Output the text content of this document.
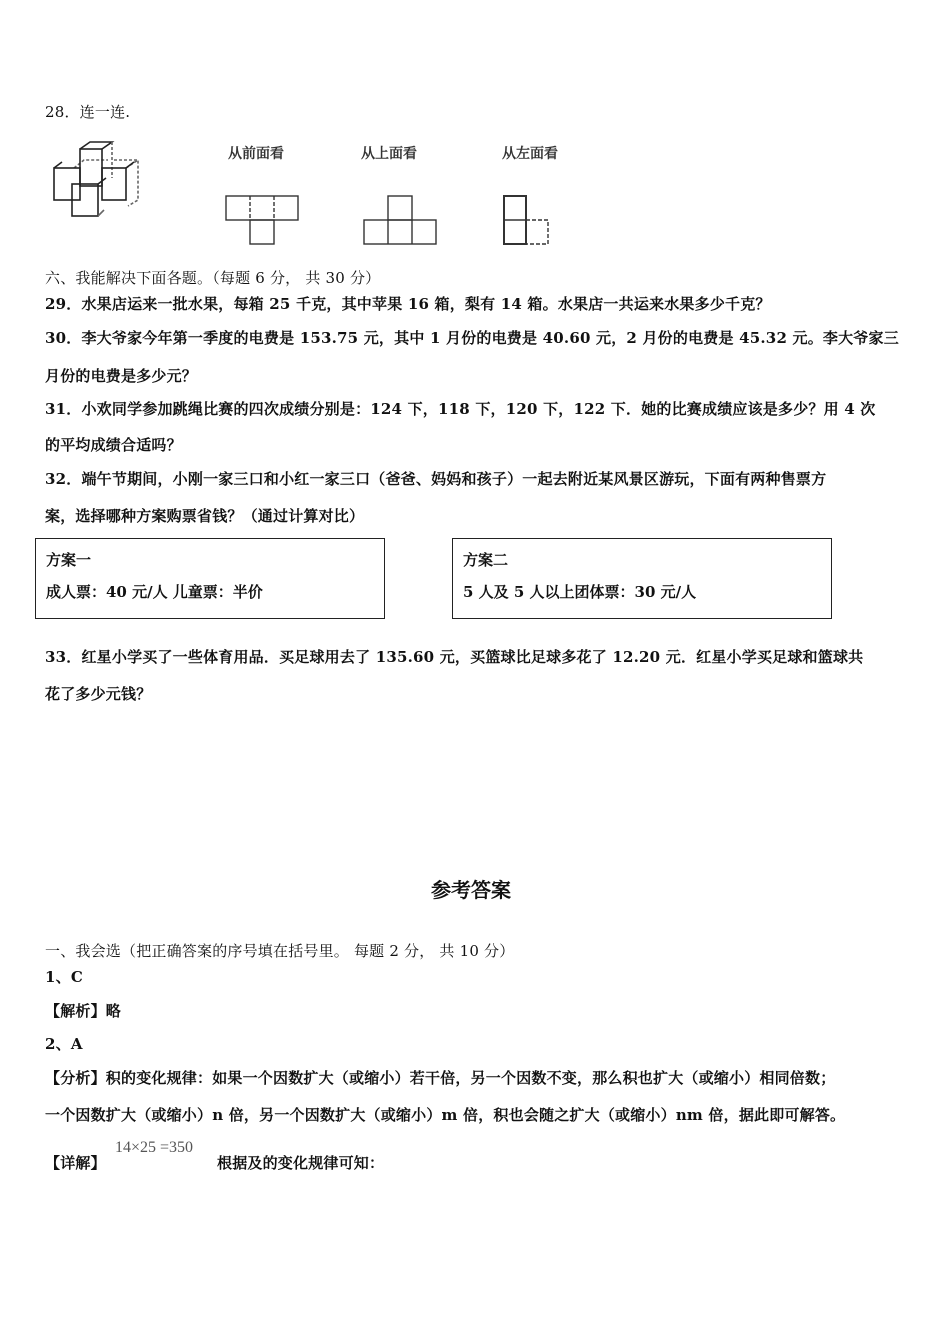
28．连一连.
从前面看	从上面看	从左面看
六、我能解决下面各题。（每题 6 分， 共 30 分）
29．水果店运来一批水果，每箱 25 千克，其中苹果 16 箱，梨有 14 箱。水果店一共运来水果多少千克？
30．李大爷家今年第一季度的电费是 153.75 元，其中 1 月份的电费是 40.60 元，2 月份的电费是 45.32 元。李大爷家三
月份的电费是多少元？
31．小欢同学参加跳绳比赛的四次成绩分别是：124 下，118 下，120 下，122 下．她的比赛成绩应该是多少？用 4 次
的平均成绩合适吗？
32．端午节期间，小刚一家三口和小红一家三口（爸爸、妈妈和孩子）一起去附近某风景区游玩，下面有两种售票方
案，选择哪种方案购票省钱？（通过计算对比）
方案一
成人票：40 元/人 儿童票：半价
方案二
5 人及 5 人以上团体票：30 元/人
33．红星小学买了一些体育用品．买足球用去了 135.60 元，买篮球比足球多花了 12.20 元．红星小学买足球和篮球共
花了多少元钱？
参考答案
一、我会选（把正确答案的序号填在括号里。 每题 2 分， 共 10 分）
1、C
【解析】略
2、A
【分析】积的变化规律：如果一个因数扩大（或缩小）若干倍，另一个因数不变，那么积也扩大（或缩小）相同倍数；
一个因数扩大（或缩小）n 倍，另一个因数扩大（或缩小）m 倍，积也会随之扩大（或缩小）nm 倍，据此即可解答。
【详解】
14×25 =350
根据及的变化规律可知：
